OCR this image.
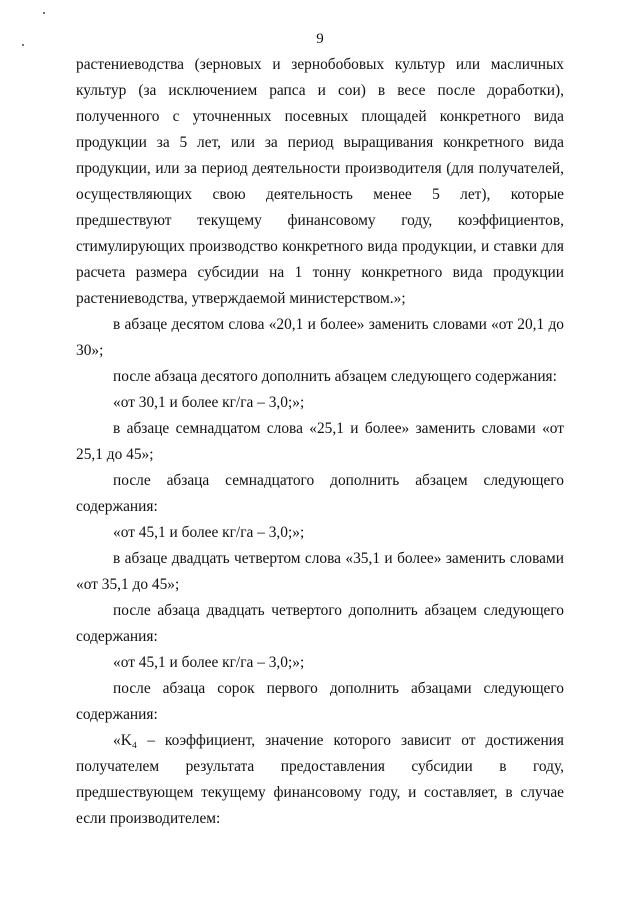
9

растениеводства (зерновых и зернобобовых культур или масличных культур (за исключением рапса и сои) в весе после доработки), полученного с уточненных посевных площадей конкретного вида продукции за 5 лет, или за период выращивания конкретного вида продукции, или за период деятельности производителя (для получателей, осуществляющих свою деятельность менее 5 лет), которые предшествуют текущему финансовому году, коэффициентов, стимулирующих производство конкретного вида продукции, и ставки для расчета размера субсидии на 1 тонну конкретного вида продукции растениеводства, утверждаемой министерством.»;

в абзаце десятом слова «20,1 и более» заменить словами «от 20,1 до 30»;

после абзаца десятого дополнить абзацем следующего содержания:

«от 30,1 и более кг/га – 3,0;»;

в абзаце семнадцатом слова «25,1 и более» заменить словами «от 25,1 до 45»;

после абзаца семнадцатого дополнить абзацем следующего содержания:

«от 45,1 и более кг/га – 3,0;»;

в абзаце двадцать четвертом слова «35,1 и более» заменить словами «от 35,1 до 45»;

после абзаца двадцать четвертого дополнить абзацем следующего содержания:

«от 45,1 и более кг/га – 3,0;»;

после абзаца сорок первого дополнить абзацами следующего содержания:

«K₄ – коэффициент, значение которого зависит от достижения получателем результата предоставления субсидии в году, предшествующем текущему финансовому году, и составляет, в случае если производителем:
